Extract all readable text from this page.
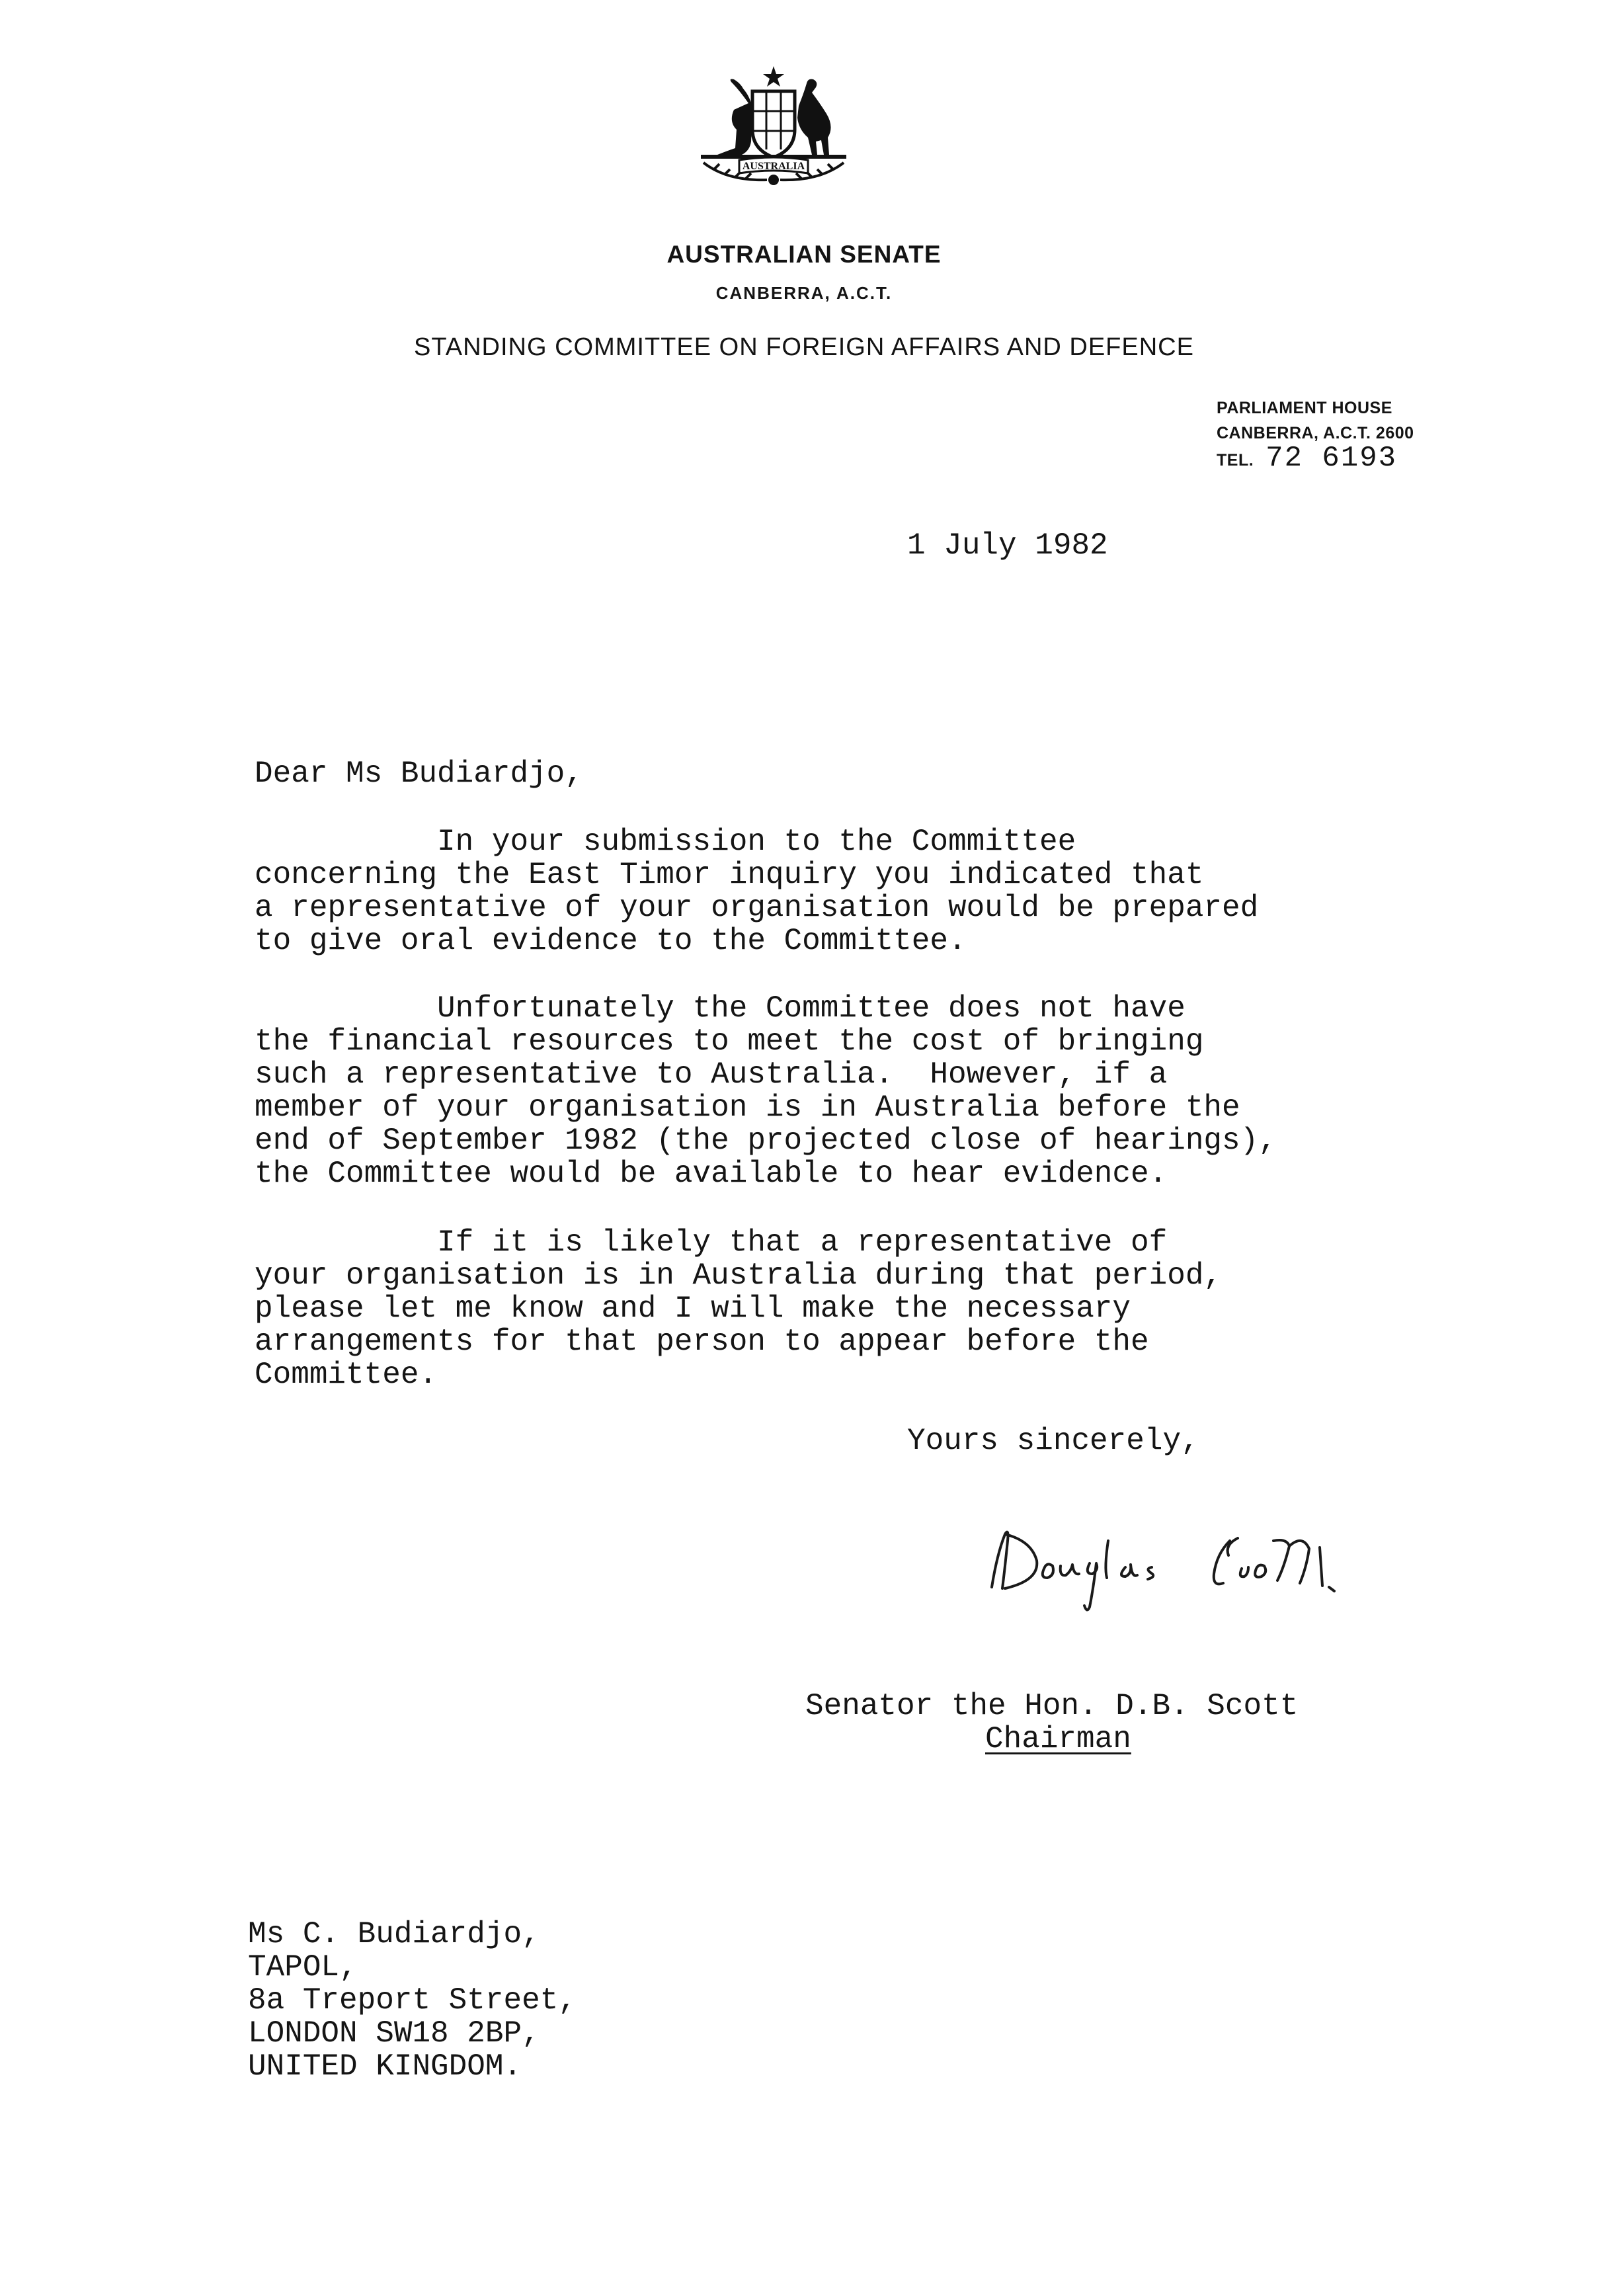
AUSTRALIA
AUSTRALIAN SENATE
CANBERRA, A.C.T.
STANDING COMMITTEE ON FOREIGN AFFAIRS AND DEFENCE
PARLIAMENT HOUSE
CANBERRA, A.C.T. 2600
TEL. 72 6193
1 July 1982
Dear Ms Budiardjo,
In your submission to the Committee
concerning the East Timor inquiry you indicated that
a representative of your organisation would be prepared
to give oral evidence to the Committee.
Unfortunately the Committee does not have
the financial resources to meet the cost of bringing
such a representative to Australia.  However, if a
member of your organisation is in Australia before the
end of September 1982 (the projected close of hearings),
the Committee would be available to hear evidence.
If it is likely that a representative of
your organisation is in Australia during that period,
please let me know and I will make the necessary
arrangements for that person to appear before the
Committee.
Yours sincerely,
Senator the Hon. D.B. Scott
Chairman
Ms C. Budiardjo,
TAPOL,
8a Treport Street,
LONDON SW18 2BP,
UNITED KINGDOM.
